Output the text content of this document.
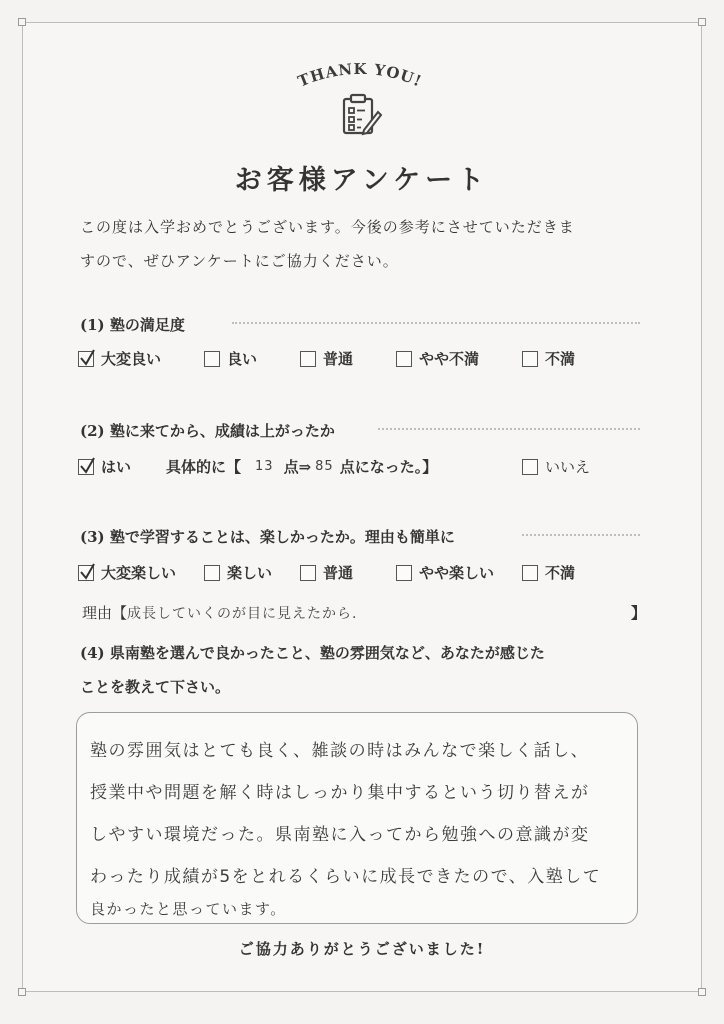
THANK YOU!
お客様アンケート
この度は入学おめでとうございます。今後の参考にさせていただきま
すので、ぜひアンケートにご協力ください。
(1) 塾の満足度
大変良い	良い	普通	やや不満	不満
(2) 塾に来てから、成績は上がったか
はい 具体的に【 13 点⇒ 85 点になった。】	いいえ
(3) 塾で学習することは、楽しかったか。理由も簡単に
大変楽しい	楽しい	普通	やや楽しい	不満
理由【 成長していくのが目に見えたから.	】
(4) 県南塾を選んで良かったこと、塾の雰囲気など、あなたが感じた
ことを教えて下さい。
塾の雰囲気はとても良く、雑談の時はみんなで楽しく話し、
授業中や問題を解く時はしっかり集中するという切り替えが
しやすい環境だった。県南塾に入ってから勉強への意識が変
わったり成績が5をとれるくらいに成長できたので、入塾して
良かったと思っています。
ご協力ありがとうございました!
